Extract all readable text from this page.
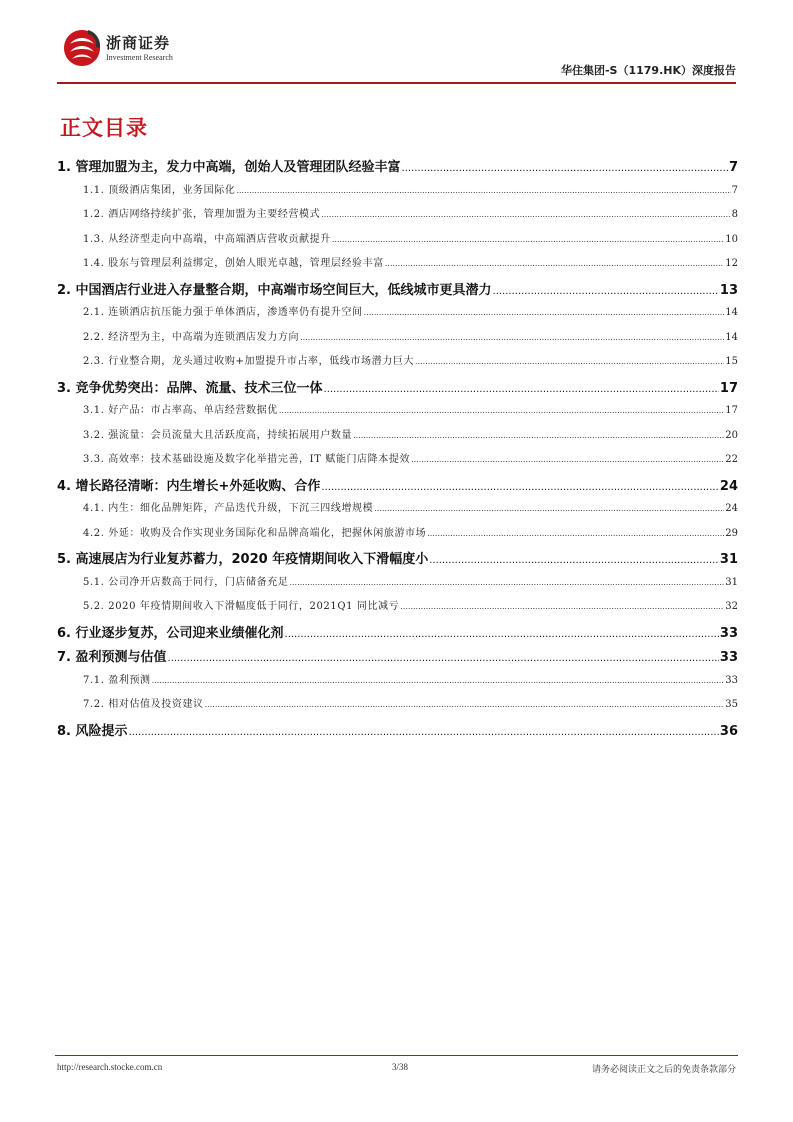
浙商证券
Investment Research
华住集团-S（1179.HK）深度报告
正文目录
1. 管理加盟为主，发力中高端，创始人及管理团队经验丰富 .....	7
1.1. 顶级酒店集团，业务国际化 .....	7
1.2. 酒店网络持续扩张，管理加盟为主要经营模式 .....	8
1.3. 从经济型走向中高端，中高端酒店营收贡献提升 .....	10
1.4. 股东与管理层利益绑定，创始人眼光卓越，管理层经验丰富 .....	12
2. 中国酒店行业进入存量整合期，中高端市场空间巨大，低线城市更具潜力 .....	13
2.1. 连锁酒店抗压能力强于单体酒店，渗透率仍有提升空间 .....	14
2.2. 经济型为主，中高端为连锁酒店发力方向 .....	14
2.3. 行业整合期，龙头通过收购+加盟提升市占率，低线市场潜力巨大 .....	15
3. 竞争优势突出：品牌、流量、技术三位一体 .....	17
3.1. 好产品：市占率高、单店经营数据优 .....	17
3.2. 强流量：会员流量大且活跃度高，持续拓展用户数量 .....	20
3.3. 高效率：技术基础设施及数字化举措完善，IT 赋能门店降本提效 .....	22
4. 增长路径清晰：内生增长+外延收购、合作 .....	24
4.1. 内生：细化品牌矩阵，产品迭代升级，下沉三四线增规模 .....	24
4.2. 外延：收购及合作实现业务国际化和品牌高端化，把握休闲旅游市场 .....	29
5. 高速展店为行业复苏蓄力，2020 年疫情期间收入下滑幅度小 .....	31
5.1. 公司净开店数高于同行，门店储备充足 .....	31
5.2. 2020 年疫情期间收入下滑幅度低于同行，2021Q1 同比减亏 .....	32
6. 行业逐步复苏，公司迎来业绩催化剂 .....	33
7. 盈利预测与估值 .....	33
7.1. 盈利预测 .....	33
7.2. 相对估值及投资建议 .....	35
8. 风险提示 .....	36
http://research.stocke.com.cn	3/38	请务必阅读正文之后的免责条款部分
